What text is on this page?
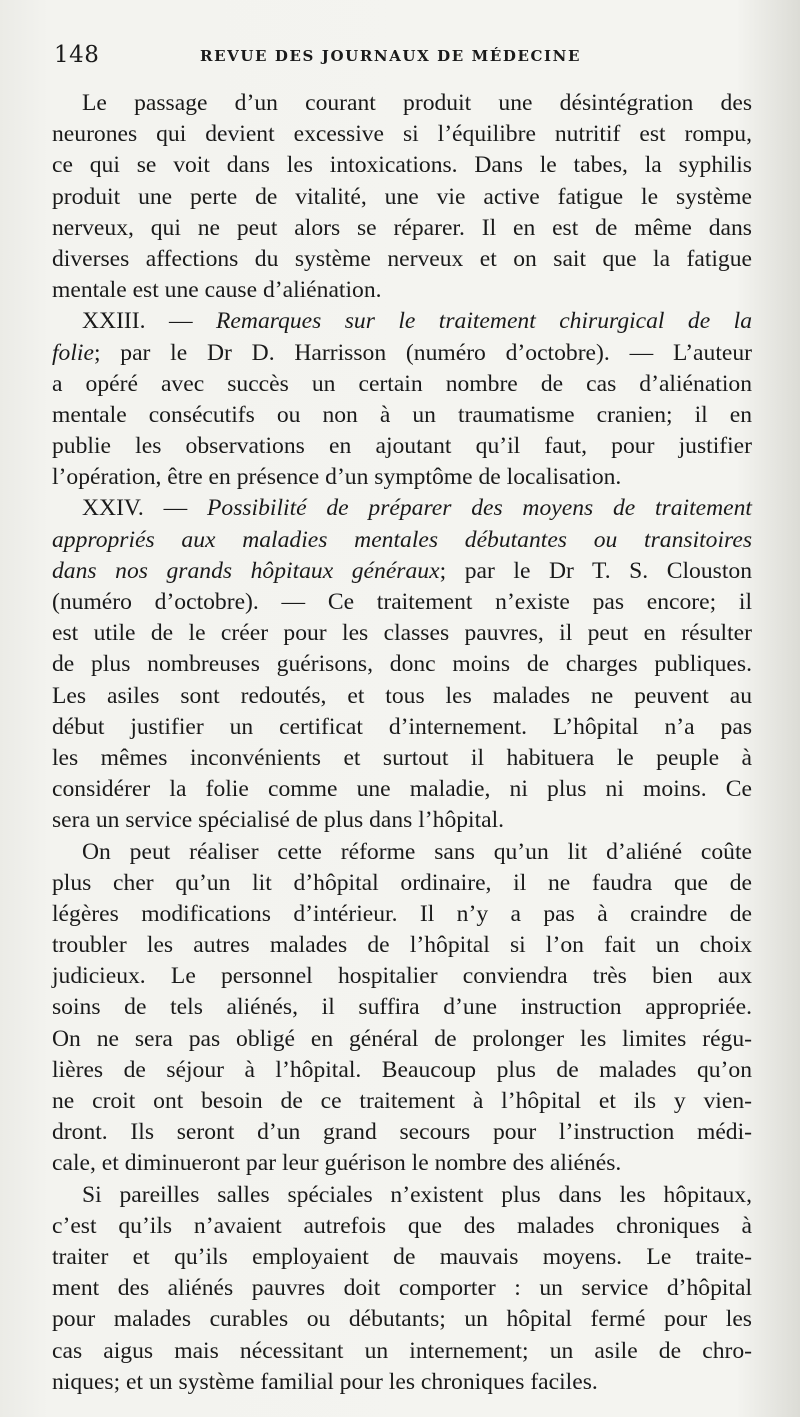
148	REVUE DES JOURNAUX DE MÉDECINE
Le passage d’un courant produit une désintégration des
neurones qui devient excessive si l’équilibre nutritif est rompu,
ce qui se voit dans les intoxications. Dans le tabes, la syphilis
produit une perte de vitalité, une vie active fatigue le système
nerveux, qui ne peut alors se réparer. Il en est de même dans
diverses affections du système nerveux et on sait que la fatigue
mentale est une cause d’aliénation.
XXIII. — Remarques sur le traitement chirurgical de la
folie; par le Dr D. Harrisson (numéro d’octobre). — L’auteur
a opéré avec succès un certain nombre de cas d’aliénation
mentale consécutifs ou non à un traumatisme cranien; il en
publie les observations en ajoutant qu’il faut, pour justifier
l’opération, être en présence d’un symptôme de localisation.
XXIV. — Possibilité de préparer des moyens de traitement
appropriés aux maladies mentales débutantes ou transitoires
dans nos grands hôpitaux généraux; par le Dr T. S. Clouston
(numéro d’octobre). — Ce traitement n’existe pas encore; il
est utile de le créer pour les classes pauvres, il peut en résulter
de plus nombreuses guérisons, donc moins de charges publiques.
Les asiles sont redoutés, et tous les malades ne peuvent au
début justifier un certificat d’internement. L’hôpital n’a pas
les mêmes inconvénients et surtout il habituera le peuple à
considérer la folie comme une maladie, ni plus ni moins. Ce
sera un service spécialisé de plus dans l’hôpital.
On peut réaliser cette réforme sans qu’un lit d’aliéné coûte
plus cher qu’un lit d’hôpital ordinaire, il ne faudra que de
légères modifications d’intérieur. Il n’y a pas à craindre de
troubler les autres malades de l’hôpital si l’on fait un choix
judicieux. Le personnel hospitalier conviendra très bien aux
soins de tels aliénés, il suffira d’une instruction appropriée.
On ne sera pas obligé en général de prolonger les limites régu-
lières de séjour à l’hôpital. Beaucoup plus de malades qu’on
ne croit ont besoin de ce traitement à l’hôpital et ils y vien-
dront. Ils seront d’un grand secours pour l’instruction médi-
cale, et diminueront par leur guérison le nombre des aliénés.
Si pareilles salles spéciales n’existent plus dans les hôpitaux,
c’est qu’ils n’avaient autrefois que des malades chroniques à
traiter et qu’ils employaient de mauvais moyens. Le traite-
ment des aliénés pauvres doit comporter : un service d’hôpital
pour malades curables ou débutants; un hôpital fermé pour les
cas aigus mais nécessitant un internement; un asile de chro-
niques; et un système familial pour les chroniques faciles.
